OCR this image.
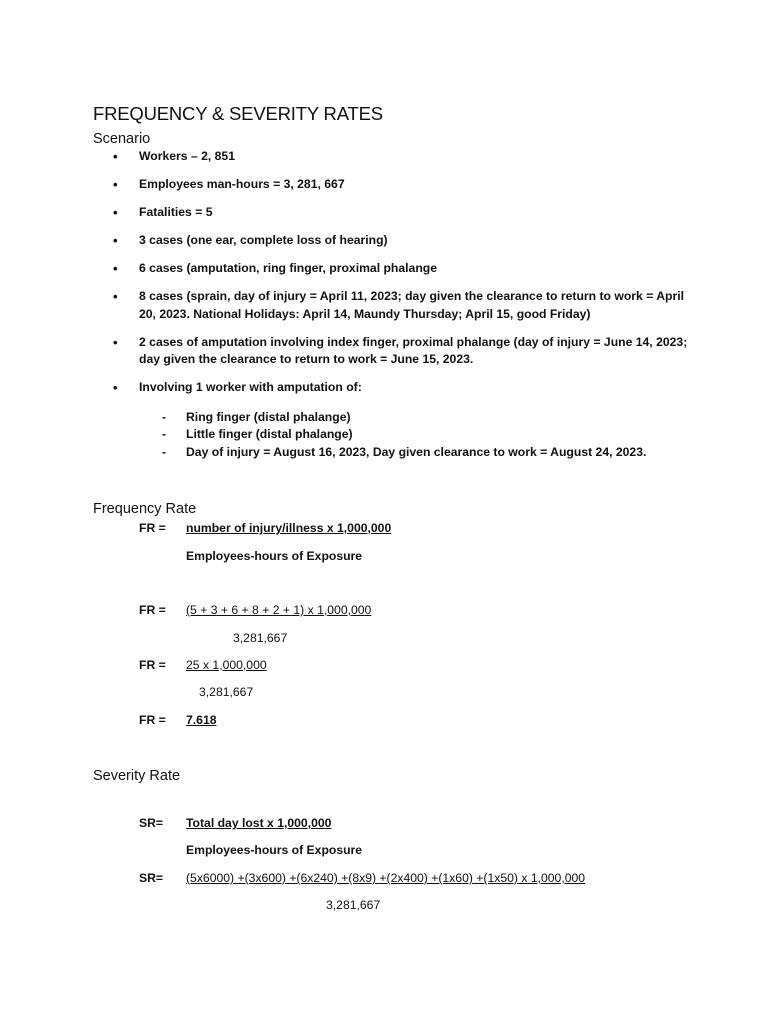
FREQUENCY & SEVERITY RATES
Scenario
• Workers – 2, 851
• Employees man-hours = 3, 281, 667
• Fatalities = 5
• 3 cases (one ear, complete loss of hearing)
• 6 cases (amputation, ring finger, proximal phalange
• 8 cases (sprain, day of injury = April 11, 2023; day given the clearance to return to work = April 20, 2023. National Holidays: April 14, Maundy Thursday; April 15, good Friday)
• 2 cases of amputation involving index finger, proximal phalange (day of injury = June 14, 2023; day given the clearance to return to work = June 15, 2023.
• Involving 1 worker with amputation of:
- Ring finger (distal phalange)
- Little finger (distal phalange)
- Day of injury = August 16, 2023, Day given clearance to work = August 24, 2023.
Frequency Rate
FR = number of injury/illness x 1,000,000
Employees-hours of Exposure
FR = (5 + 3 + 6 + 8 + 2 + 1) x 1,000,000
3,281,667
FR = 25 x 1,000,000
3,281,667
FR = 7.618
Severity Rate
SR= Total day lost x 1,000,000
Employees-hours of Exposure
SR= (5x6000) +(3x600) +(6x240) +(8x9) +(2x400) +(1x60) +(1x50) x 1,000,000
3,281,667
